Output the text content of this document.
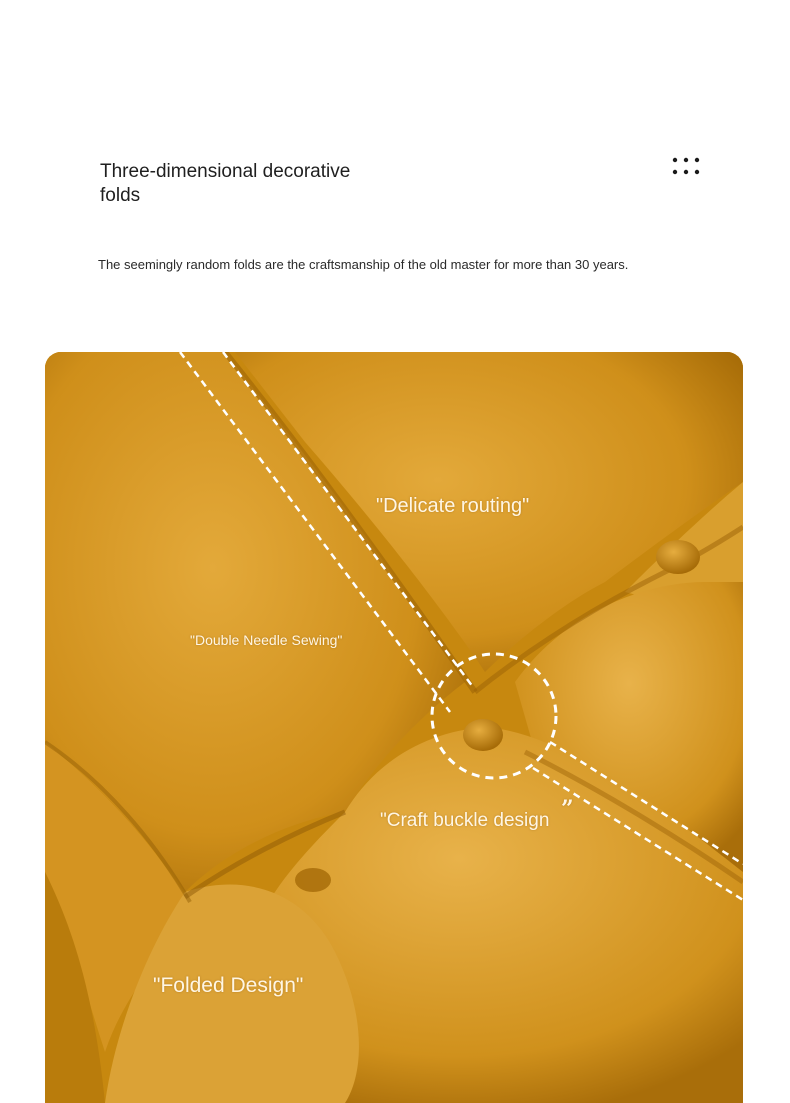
Three-dimensional decorative folds
The seemingly random folds are the craftsmanship of the old master for more than 30 years.
"Delicate routing"
"Double Needle Sewing"
"Craft buckle design ”
"Folded Design"
